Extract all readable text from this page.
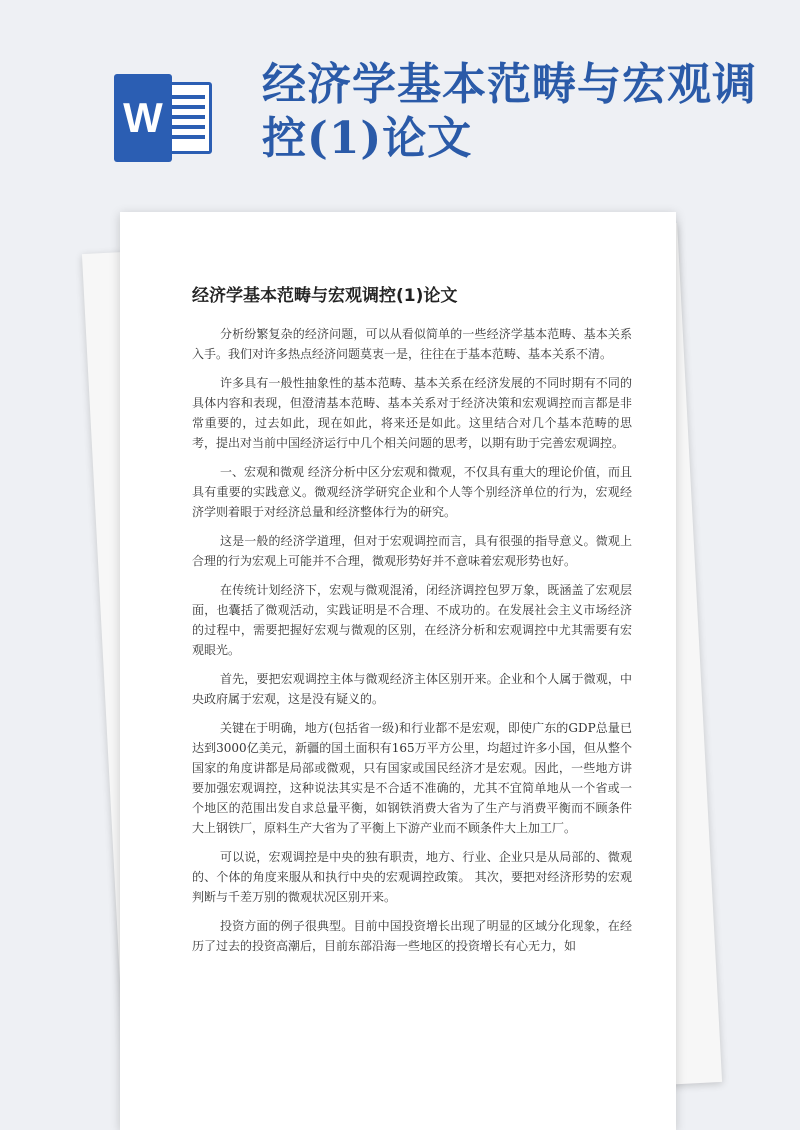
W
经济学基本范畴与宏观调控(1)论文
经济学基本范畴与宏观调控(1)论文

分析纷繁复杂的经济问题，可以从看似简单的一些经济学基本范畴、基本关系入手。我们对许多热点经济问题莫衷一是，往往在于基本范畴、基本关系不清。

许多具有一般性抽象性的基本范畴、基本关系在经济发展的不同时期有不同的具体内容和表现，但澄清基本范畴、基本关系对于经济决策和宏观调控而言都是非常重要的，过去如此，现在如此，将来还是如此。这里结合对几个基本范畴的思考，提出对当前中国经济运行中几个相关问题的思考，以期有助于完善宏观调控。

一、宏观和微观 经济分析中区分宏观和微观，不仅具有重大的理论价值，而且具有重要的实践意义。微观经济学研究企业和个人等个别经济单位的行为，宏观经济学则着眼于对经济总量和经济整体行为的研究。

这是一般的经济学道理，但对于宏观调控而言，具有很强的指导意义。微观上合理的行为宏观上可能并不合理，微观形势好并不意味着宏观形势也好。

在传统计划经济下，宏观与微观混淆，闭经济调控包罗万象，既涵盖了宏观层面，也囊括了微观活动，实践证明是不合理、不成功的。在发展社会主义市场经济的过程中，需要把握好宏观与微观的区别，在经济分析和宏观调控中尤其需要有宏观眼光。

首先，要把宏观调控主体与微观经济主体区别开来。企业和个人属于微观，中央政府属于宏观，这是没有疑义的。

关键在于明确，地方(包括省一级)和行业都不是宏观，即使广东的GDP总量已达到3000亿美元，新疆的国土面积有165万平方公里，均超过许多小国，但从整个国家的角度讲都是局部或微观，只有国家或国民经济才是宏观。因此，一些地方讲要加强宏观调控，这种说法其实是不合适不准确的，尤其不宜简单地从一个省或一个地区的范围出发自求总量平衡，如钢铁消费大省为了生产与消费平衡而不顾条件大上钢铁厂，原料生产大省为了平衡上下游产业而不顾条件大上加工厂。

可以说，宏观调控是中央的独有职责，地方、行业、企业只是从局部的、微观的、个体的角度来服从和执行中央的宏观调控政策。 其次，要把对经济形势的宏观判断与千差万别的微观状况区别开来。

投资方面的例子很典型。目前中国投资增长出现了明显的区域分化现象，在经历了过去的投资高潮后，目前东部沿海一些地区的投资增长有心无力，如
